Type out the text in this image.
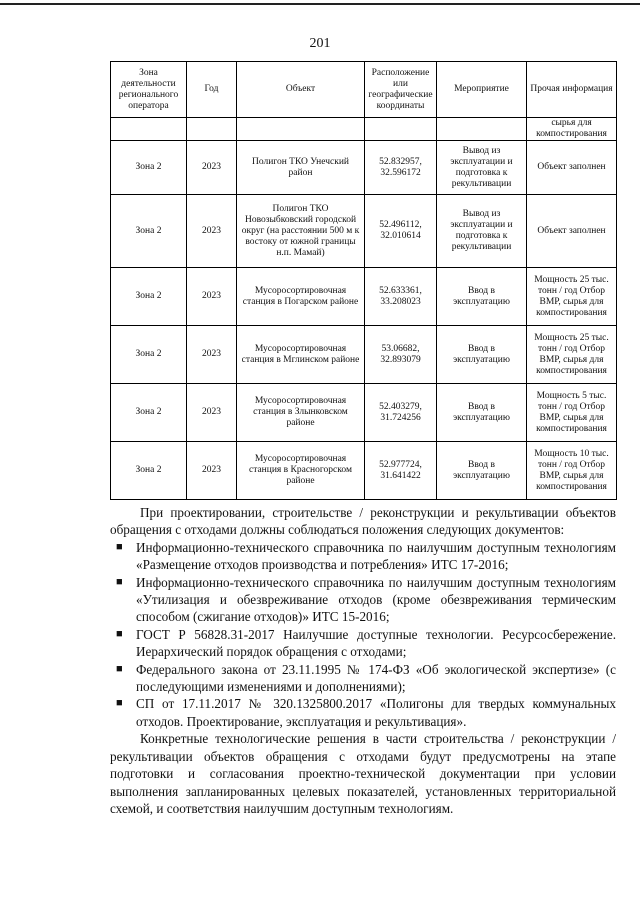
201
Зона деятельности регионального оператора	Год	Объект	Расположение или географические координаты	Мероприятие	Прочая информация
					сырья для компостирования

Зона 2	2023	Полигон ТКО Унечский район	52.832957, 32.596172	Вывод из эксплуатации и подготовка к рекультивации	Объект заполнен
Зона 2	2023	Полигон ТКО Новозыбковский городской округ (на расстоянии 500 м к востоку от южной границы н.п. Мамай)	52.496112, 32.010614	Вывод из эксплуатации и подготовка к рекультивации	Объект заполнен
Зона 2	2023	Мусоросортировочная станция в Погарском районе	52.633361, 33.208023	Ввод в эксплуатацию	Мощность 25 тыс. тонн / год Отбор ВМР, сырья для компостирования
Зона 2	2023	Мусоросортировочная станция в Мглинском районе	53.06682, 32.893079	Ввод в эксплуатацию	Мощность 25 тыс. тонн / год Отбор ВМР, сырья для компостирования
Зона 2	2023	Мусоросортировочная станция в Злынковском районе	52.403279, 31.724256	Ввод в эксплуатацию	Мощность 5 тыс. тонн / год Отбор ВМР, сырья для компостирования
Зона 2	2023	Мусоросортировочная станция в Красногорском районе	52.977724, 31.641422	Ввод в эксплуатацию	Мощность 10 тыс. тонн / год Отбор ВМР, сырья для компостирования

При проектировании, строительстве / реконструкции и рекультивации объектов обращения с отходами должны соблюдаться положения следующих документов:

■ Информационно-технического справочника по наилучшим доступным технологиям «Размещение отходов производства и потребления» ИТС 17-2016;
■ Информационно-технического справочника по наилучшим доступным технологиям «Утилизация и обезвреживание отходов (кроме обезвреживания термическим способом (сжигание отходов)» ИТС 15-2016;
■ ГОСТ Р 56828.31-2017 Наилучшие доступные технологии. Ресурсосбережение. Иерархический порядок обращения с отходами;
■ Федерального закона от 23.11.1995 № 174-ФЗ «Об экологической экспертизе» (с последующими изменениями и дополнениями);
■ СП от 17.11.2017 № 320.1325800.2017 «Полигоны для твердых коммунальных отходов. Проектирование, эксплуатация и рекультивация».

Конкретные технологические решения в части строительства / реконструкции / рекультивации объектов обращения с отходами будут предусмотрены на этапе подготовки и согласования проектно-технической документации при условии выполнения запланированных целевых показателей, установленных территориальной схемой, и соответствия наилучшим доступным технологиям.
